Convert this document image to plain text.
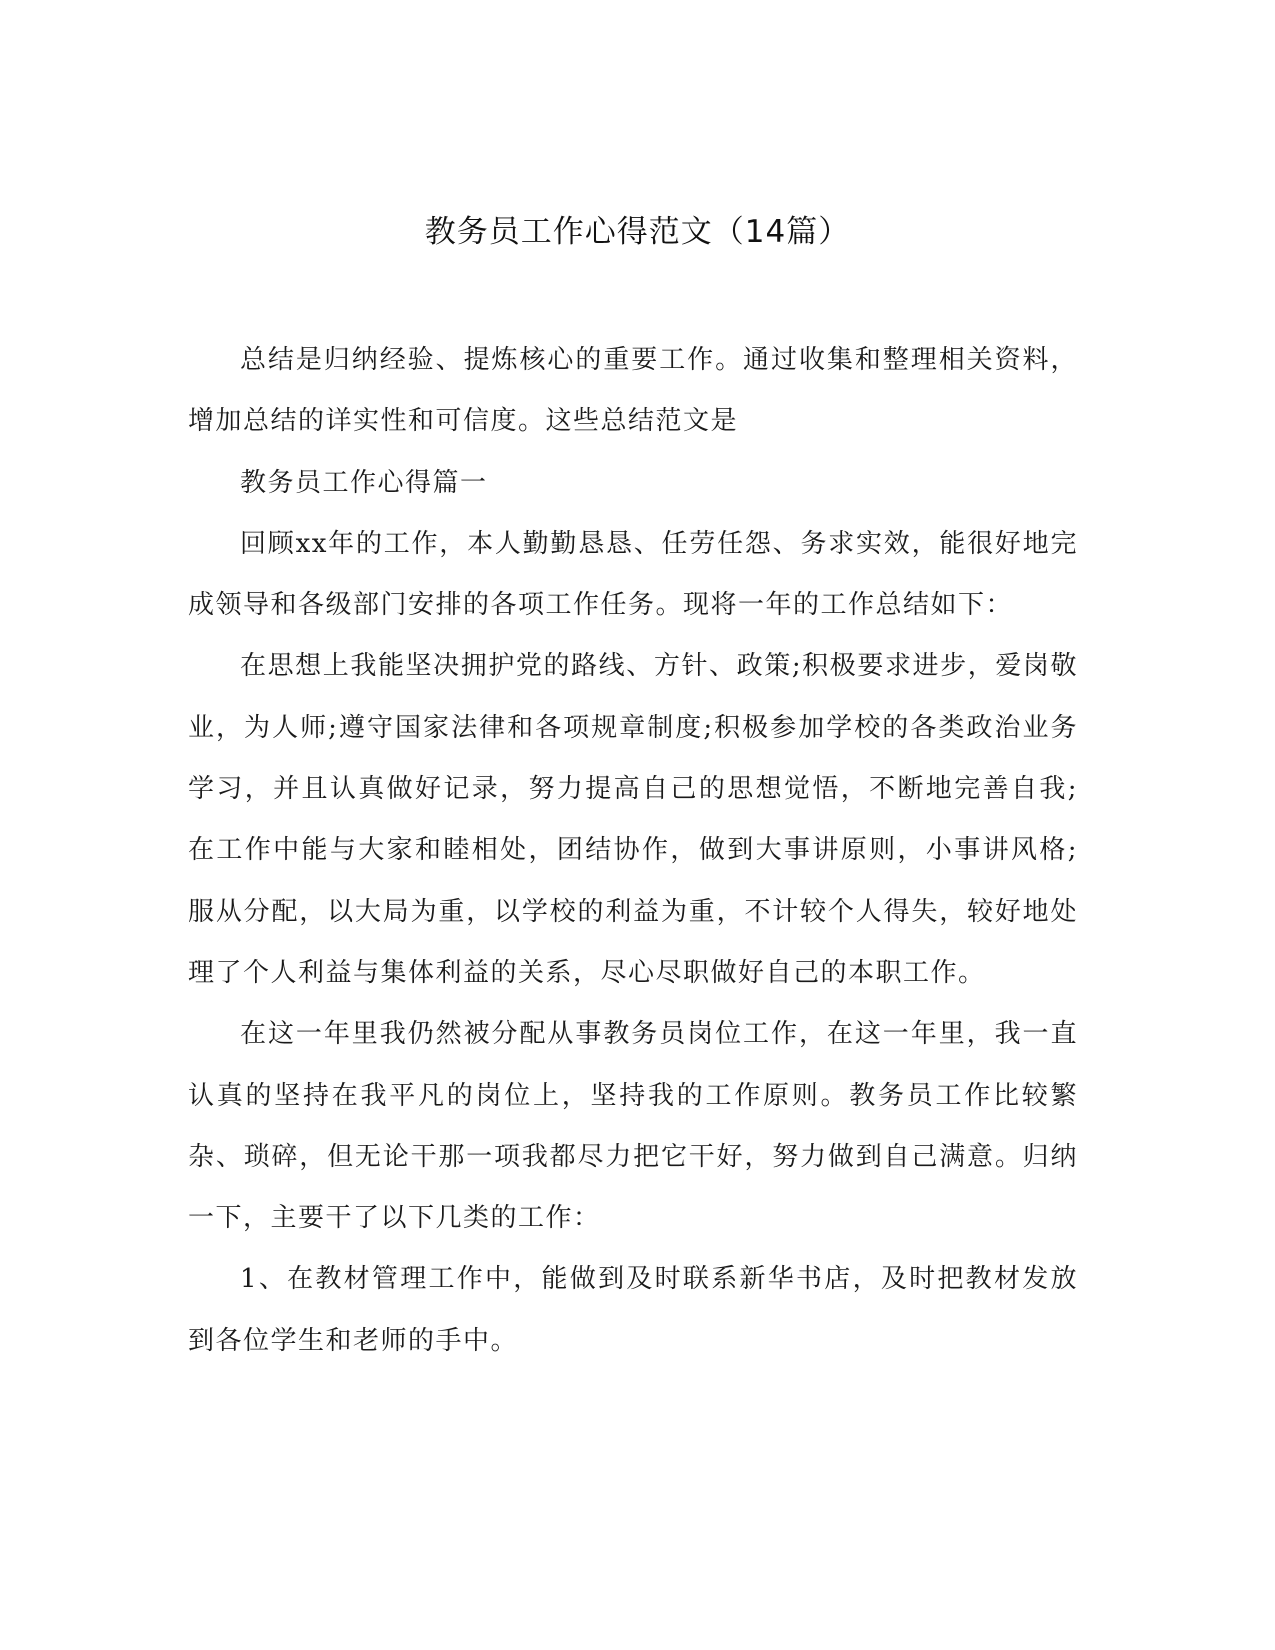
教务员工作心得范文（14篇）

总结是归纳经验、提炼核心的重要工作。通过收集和整理相关资料，增加总结的详实性和可信度。这些总结范文是

教务员工作心得篇一

回顾xx年的工作，本人勤勤恳恳、任劳任怨、务求实效，能很好地完成领导和各级部门安排的各项工作任务。现将一年的工作总结如下：

在思想上我能坚决拥护党的路线、方针、政策;积极要求进步，爱岗敬业，为人师;遵守国家法律和各项规章制度;积极参加学校的各类政治业务学习，并且认真做好记录，努力提高自己的思想觉悟，不断地完善自我;在工作中能与大家和睦相处，团结协作，做到大事讲原则，小事讲风格;服从分配，以大局为重，以学校的利益为重，不计较个人得失，较好地处理了个人利益与集体利益的关系，尽心尽职做好自己的本职工作。

在这一年里我仍然被分配从事教务员岗位工作，在这一年里，我一直认真的坚持在我平凡的岗位上，坚持我的工作原则。教务员工作比较繁杂、琐碎，但无论干那一项我都尽力把它干好，努力做到自己满意。归纳一下，主要干了以下几类的工作：

1、在教材管理工作中，能做到及时联系新华书店，及时把教材发放到各位学生和老师的手中。
